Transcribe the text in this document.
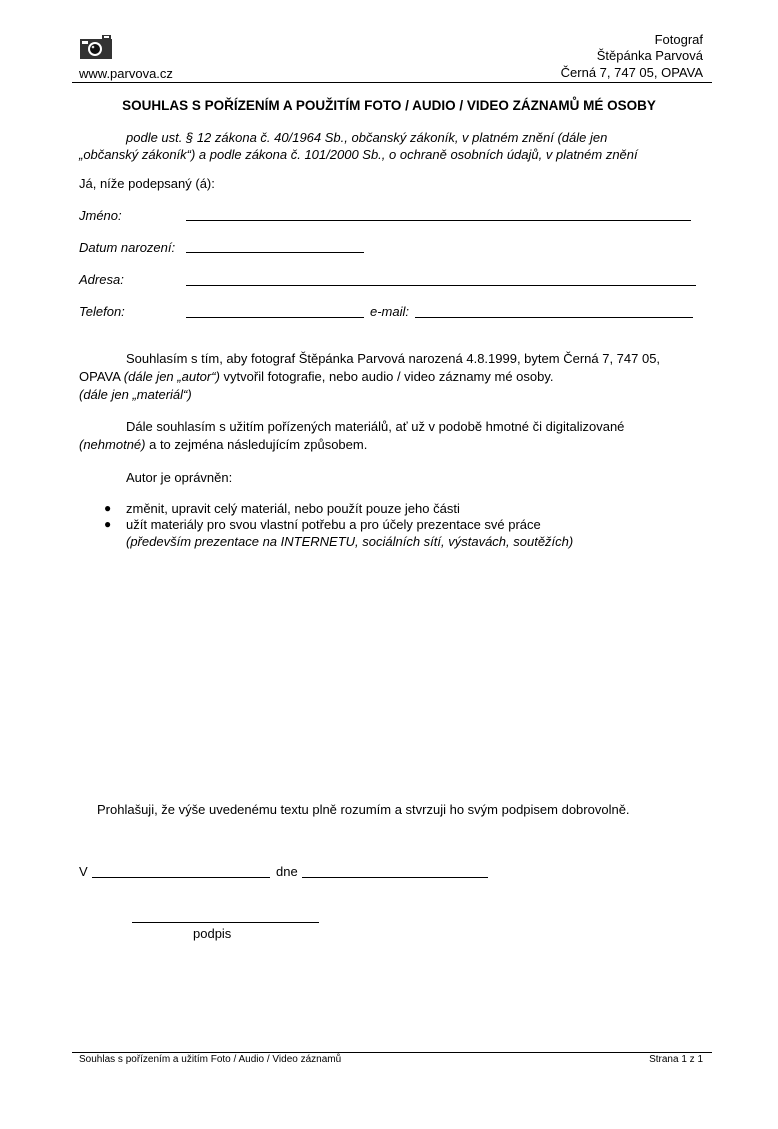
www.parvova.cz
Fotograf
Štěpánka Parvová
Černá 7, 747 05, OPAVA
SOUHLAS S POŘÍZENÍM A POUŽITÍM FOTO / AUDIO / VIDEO ZÁZNAMŮ MÉ OSOBY
podle ust. § 12 zákona č. 40/1964 Sb., občanský zákoník, v platném znění (dále jen
„občanský zákoník“) a podle zákona č. 101/2000 Sb., o ochraně osobních údajů, v platném znění
Já, níže podepsaný (á):
Jméno:
Datum narození:
Adresa:
Telefon:	e-mail:
Souhlasím s tím, aby fotograf Štěpánka Parvová narozená 4.8.1999, bytem Černá 7, 747 05,
OPAVA (dále jen „autor“) vytvořil fotografie, nebo audio / video záznamy mé osoby.
(dále jen „materiál“)
Dále souhlasím s užitím pořízených materiálů, ať už v podobě hmotné či digitalizované
(nehmotné) a to zejména následujícím způsobem.
Autor je oprávněn:
● změnit, upravit celý materiál, nebo použít pouze jeho části
● užít materiály pro svou vlastní potřebu a pro účely prezentace své práce
(především prezentace na INTERNETU, sociálních sítí, výstavách, soutěžích)
Prohlašuji, že výše uvedenému textu plně rozumím a stvrzuji ho svým podpisem dobrovolně.
V	dne
podpis
Souhlas s pořízením a užitím Foto / Audio / Video záznamů	Strana 1 z 1
